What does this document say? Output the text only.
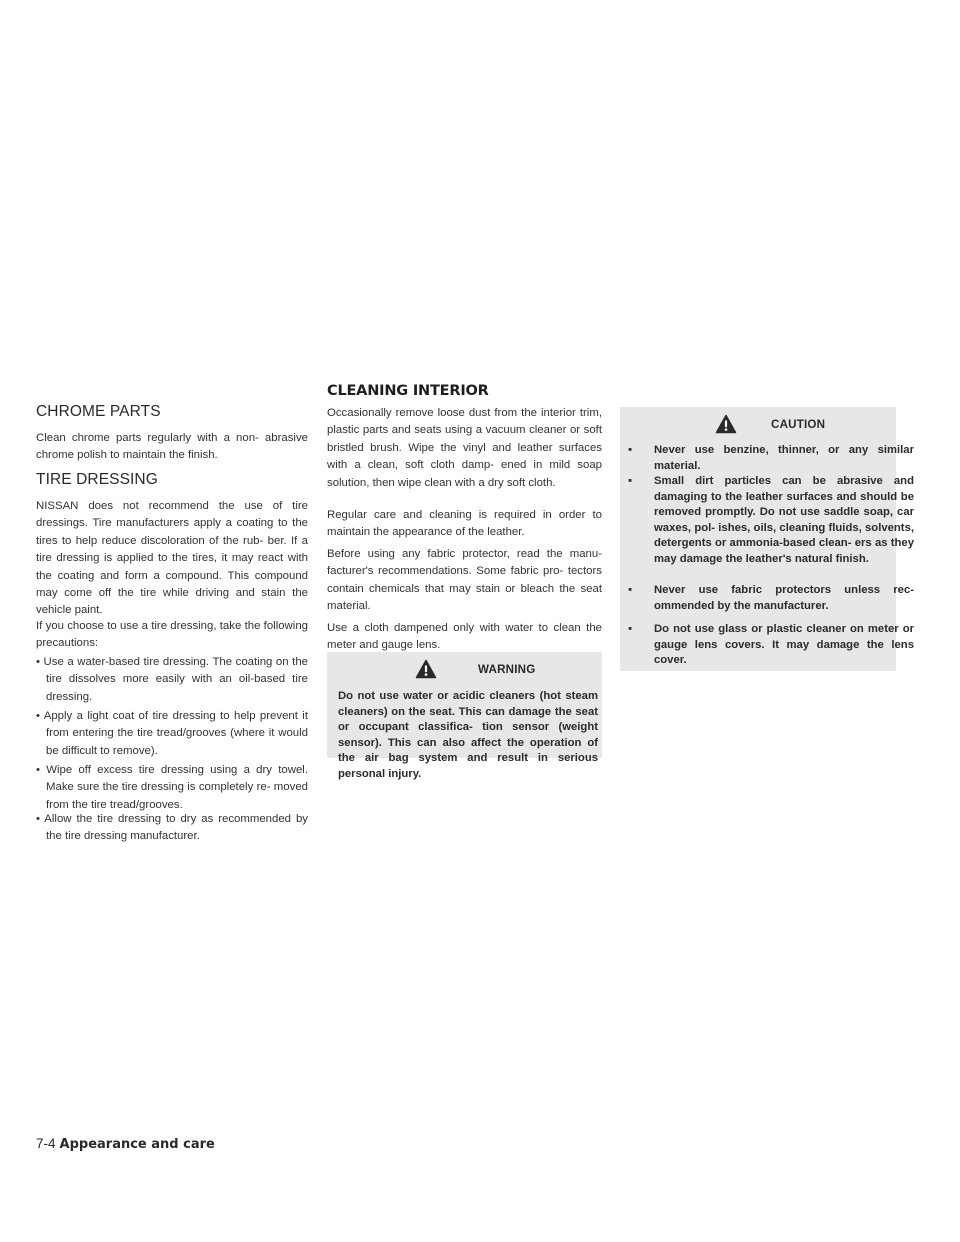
CHROME PARTS

Clean chrome parts regularly with a non- abrasive chrome polish to maintain the finish.

TIRE DRESSING

NISSAN does not recommend the use of tire dressings. Tire manufacturers apply a coating to the tires to help reduce discoloration of the rub- ber. If a tire dressing is applied to the tires, it may react with the coating and form a compound. This compound may come off the tire while driving and stain the vehicle paint.

If you choose to use a tire dressing, take the following precautions:

• Use a water-based tire dressing. The coating on the tire dissolves more easily with an oil-based tire dressing.

• Apply a light coat of tire dressing to help prevent it from entering the tire tread/grooves (where it would be difficult to remove).

• Wipe off excess tire dressing using a dry towel. Make sure the tire dressing is completely re- moved from the tire tread/grooves.

• Allow the tire dressing to dry as recommended by the tire dressing manufacturer.

CLEANING INTERIOR

Occasionally remove loose dust from the interior trim, plastic parts and seats using a vacuum cleaner or soft bristled brush. Wipe the vinyl and leather surfaces with a clean, soft cloth damp- ened in mild soap solution, then wipe clean with a dry soft cloth.

Regular care and cleaning is required in order to maintain the appearance of the leather.

Before using any fabric protector, read the manu- facturer's recommendations. Some fabric pro- tectors contain chemicals that may stain or bleach the seat material.

Use a cloth dampened only with water to clean the meter and gauge lens.

WARNING

Do not use water or acidic cleaners (hot steam cleaners) on the seat. This can damage the seat or occupant classifica- tion sensor (weight sensor). This can also affect the operation of the air bag system and result in serious personal injury.

CAUTION

▪ Never use benzine, thinner, or any similar material.

▪ Small dirt particles can be abrasive and damaging to the leather surfaces and should be removed promptly. Do not use saddle soap, car waxes, pol- ishes, oils, cleaning fluids, solvents, detergents or ammonia-based clean- ers as they may damage the leather's natural finish.

▪ Never use fabric protectors unless rec- ommended by the manufacturer.

▪ Do not use glass or plastic cleaner on meter or gauge lens covers. It may damage the lens cover.

7-4 Appearance and care
